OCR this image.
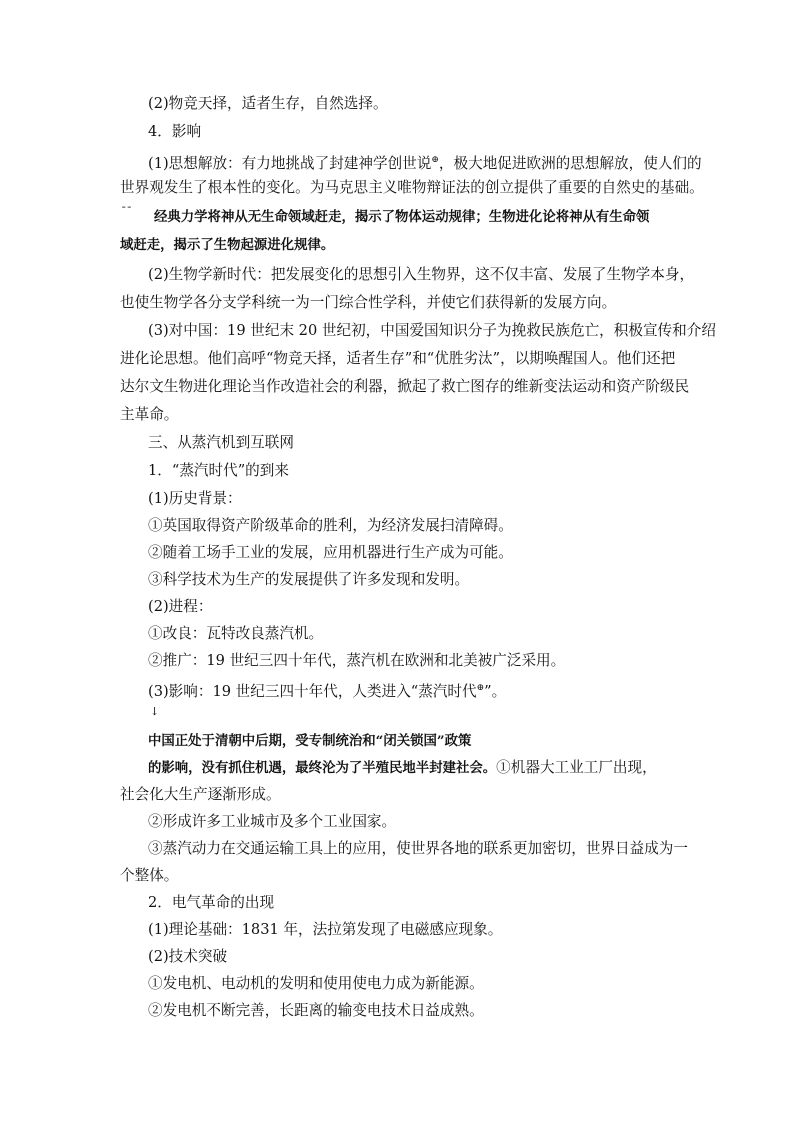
(2)物竞天择，适者生存，自然选择。
4．影响
(1)思想解放：有力地挑战了封建神学创世说⊕，极大地促进欧洲的思想解放，使人们的
世界观发生了根本性的变化。为马克思主义唯物辩证法的创立提供了重要的自然史的基础。
¯¯ 经典力学将神从无生命领域赶走，揭示了物体运动规律；生物进化论将神从有生命领
域赶走，揭示了生物起源进化规律。
(2)生物学新时代：把发展变化的思想引入生物界，这不仅丰富、发展了生物学本身，
也使生物学各分支学科统一为一门综合性学科，并使它们获得新的发展方向。
(3)对中国：19 世纪末 20 世纪初，中国爱国知识分子为挽救民族危亡，积极宣传和介绍
进化论思想。他们高呼“物竞天择，适者生存”和“优胜劣汰”，以期唤醒国人。他们还把
达尔文生物进化理论当作改造社会的利器，掀起了救亡图存的维新变法运动和资产阶级民
主革命。
三、从蒸汽机到互联网
1．“蒸汽时代”的到来
(1)历史背景：
①英国取得资产阶级革命的胜利，为经济发展扫清障碍。
②随着工场手工业的发展，应用机器进行生产成为可能。
③科学技术为生产的发展提供了许多发现和发明。
(2)进程：
①改良：瓦特改良蒸汽机。
②推广：19 世纪三四十年代，蒸汽机在欧洲和北美被广泛采用。
(3)影响：19 世纪三四十年代，人类进入“蒸汽时代⊕”。
↓
中国正处于清朝中后期，受专制统治和“闭关锁国”政策
的影响，没有抓住机遇，最终沦为了半殖民地半封建社会。①机器大工业工厂出现，
社会化大生产逐渐形成。
②形成许多工业城市及多个工业国家。
③蒸汽动力在交通运输工具上的应用，使世界各地的联系更加密切，世界日益成为一
个整体。
2．电气革命的出现
(1)理论基础：1831 年，法拉第发现了电磁感应现象。
(2)技术突破
①发电机、电动机的发明和使用使电力成为新能源。
②发电机不断完善，长距离的输变电技术日益成熟。
